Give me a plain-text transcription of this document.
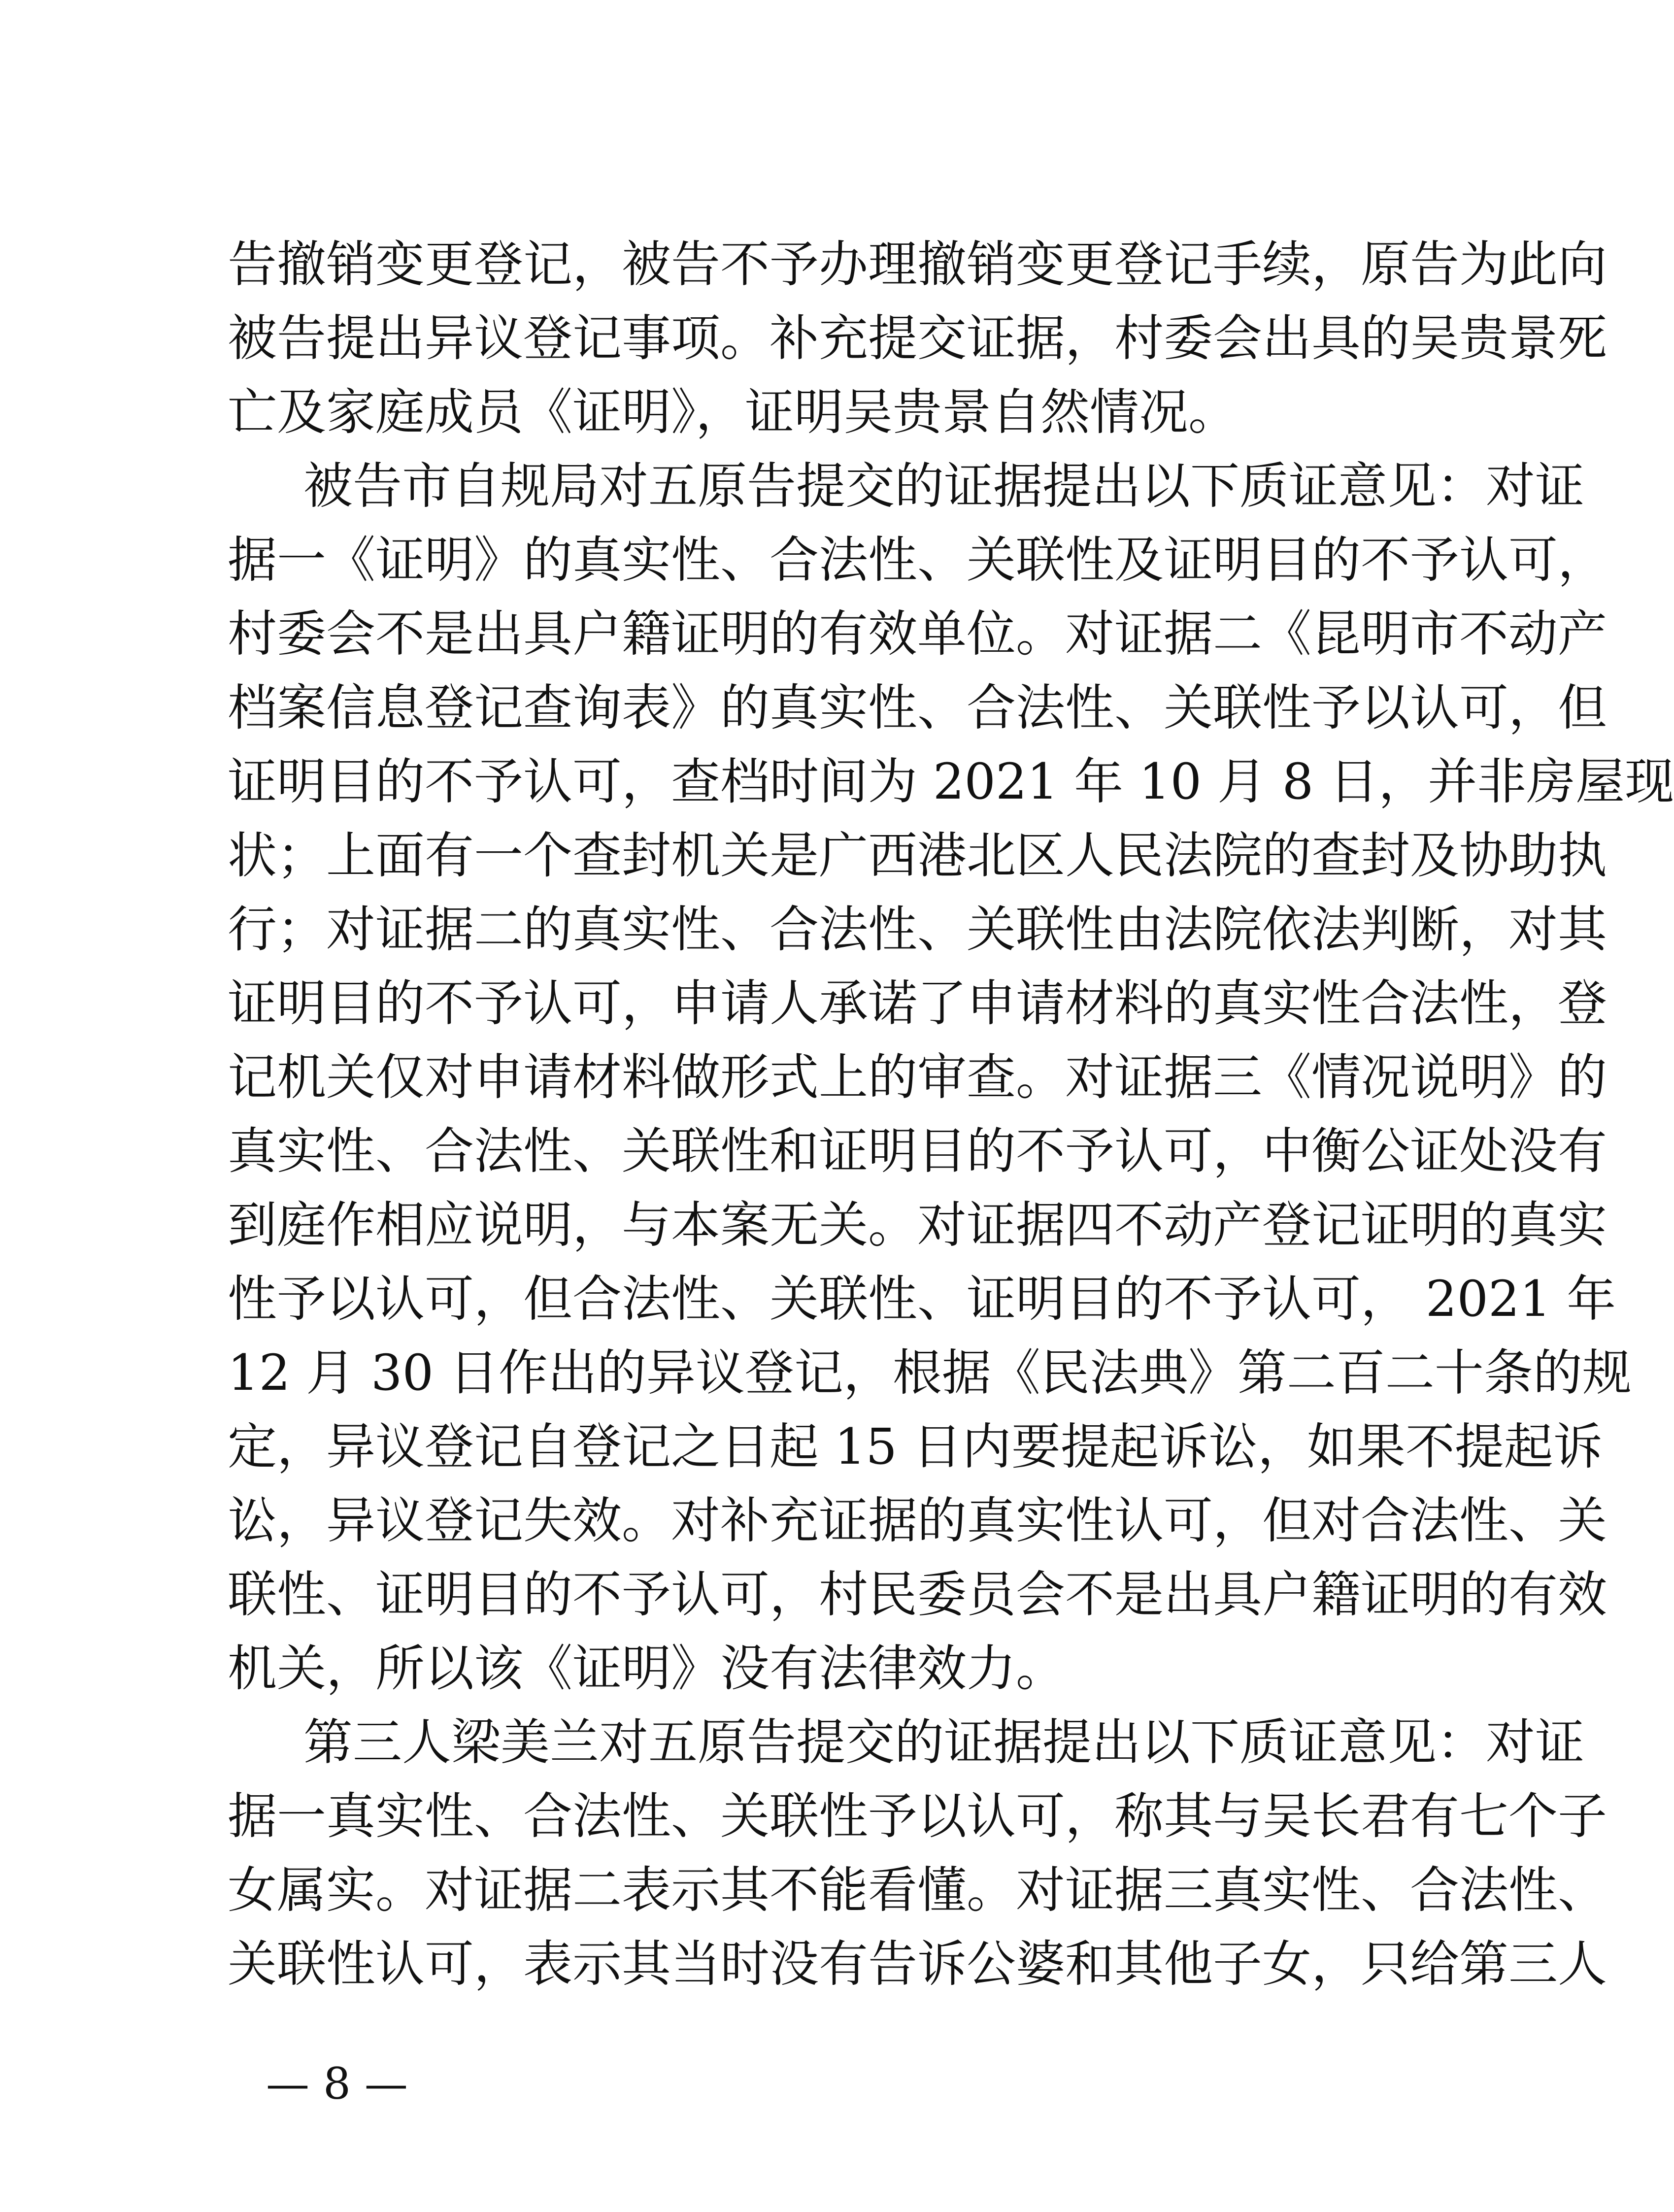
告撤销变更登记，被告不予办理撤销变更登记手续，原告为此向
被告提出异议登记事项。补充提交证据，村委会出具的吴贵景死
亡及家庭成员《证明》，证明吴贵景自然情况。
被告市自规局对五原告提交的证据提出以下质证意见：对证
据一《证明》的真实性、合法性、关联性及证明目的不予认可，
村委会不是出具户籍证明的有效单位。对证据二《昆明市不动产
档案信息登记查询表》的真实性、合法性、关联性予以认可，但
证明目的不予认可，查档时间为 2021 年 10 月 8 日，并非房屋现
状；上面有一个查封机关是广西港北区人民法院的查封及协助执
行；对证据二的真实性、合法性、关联性由法院依法判断，对其
证明目的不予认可，申请人承诺了申请材料的真实性合法性，登
记机关仅对申请材料做形式上的审查。对证据三《情况说明》的
真实性、合法性、关联性和证明目的不予认可，中衡公证处没有
到庭作相应说明，与本案无关。对证据四不动产登记证明的真实
性予以认可，但合法性、关联性、证明目的不予认可， 2021 年
12 月 30 日作出的异议登记，根据《民法典》第二百二十条的规
定，异议登记自登记之日起 15 日内要提起诉讼，如果不提起诉
讼，异议登记失效。对补充证据的真实性认可，但对合法性、关
联性、证明目的不予认可，村民委员会不是出具户籍证明的有效
机关，所以该《证明》没有法律效力。
第三人梁美兰对五原告提交的证据提出以下质证意见：对证
据一真实性、合法性、关联性予以认可，称其与吴长君有七个子
女属实。对证据二表示其不能看懂。对证据三真实性、合法性、
关联性认可，表示其当时没有告诉公婆和其他子女，只给第三人
— 8 —
